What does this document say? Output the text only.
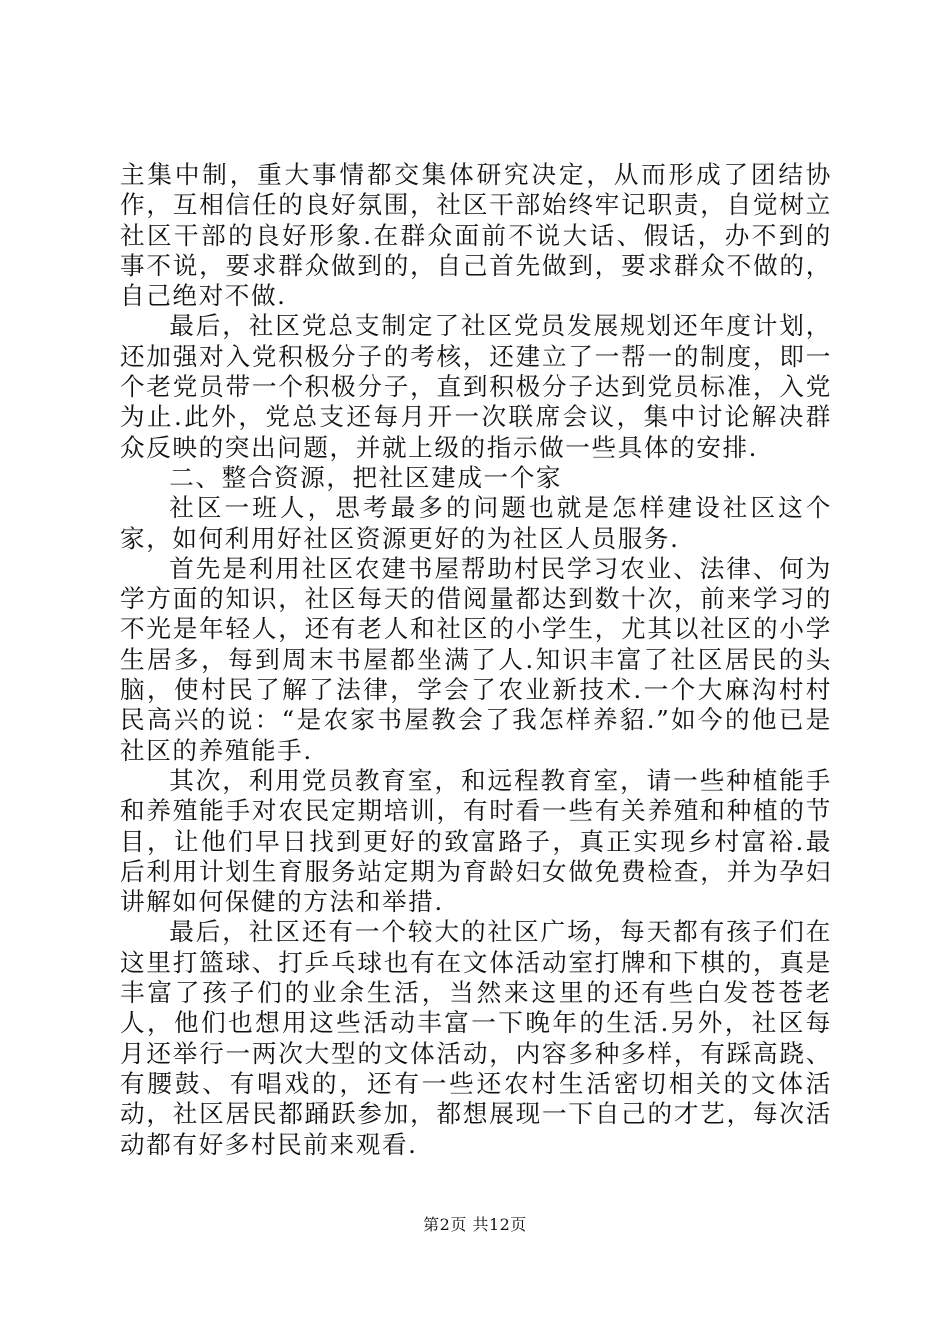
主集中制，重大事情都交集体研究决定，从而形成了团结协作，互相信任的良好氛围，社区干部始终牢记职责，自觉树立社区干部的良好形象.在群众面前不说大话、假话，办不到的事不说，要求群众做到的，自己首先做到，要求群众不做的，自己绝对不做.

最后，社区党总支制定了社区党员发展规划还年度计划，还加强对入党积极分子的考核，还建立了一帮一的制度，即一个老党员带一个积极分子，直到积极分子达到党员标准，入党为止.此外，党总支还每月开一次联席会议，集中讨论解决群众反映的突出问题，并就上级的指示做一些具体的安排.

二、整合资源，把社区建成一个家

社区一班人，思考最多的问题也就是怎样建设社区这个家，如何利用好社区资源更好的为社区人员服务.

首先是利用社区农建书屋帮助村民学习农业、法律、何为学方面的知识，社区每天的借阅量都达到数十次，前来学习的不光是年轻人，还有老人和社区的小学生，尤其以社区的小学生居多，每到周末书屋都坐满了人.知识丰富了社区居民的头脑，使村民了解了法律，学会了农业新技术.一个大麻沟村村民高兴的说：“是农家书屋教会了我怎样养貂.”如今的他已是社区的养殖能手.

其次，利用党员教育室，和远程教育室，请一些种植能手和养殖能手对农民定期培训，有时看一些有关养殖和种植的节目，让他们早日找到更好的致富路子，真正实现乡村富裕.最后利用计划生育服务站定期为育龄妇女做免费检查，并为孕妇讲解如何保健的方法和举措.

最后，社区还有一个较大的社区广场，每天都有孩子们在这里打篮球、打乒乓球也有在文体活动室打牌和下棋的，真是丰富了孩子们的业余生活，当然来这里的还有些白发苍苍老人，他们也想用这些活动丰富一下晚年的生活.另外，社区每月还举行一两次大型的文体活动，内容多种多样，有踩高跷、有腰鼓、有唱戏的，还有一些还农村生活密切相关的文体活动，社区居民都踊跃参加，都想展现一下自己的才艺，每次活动都有好多村民前来观看.

第2页 共12页
